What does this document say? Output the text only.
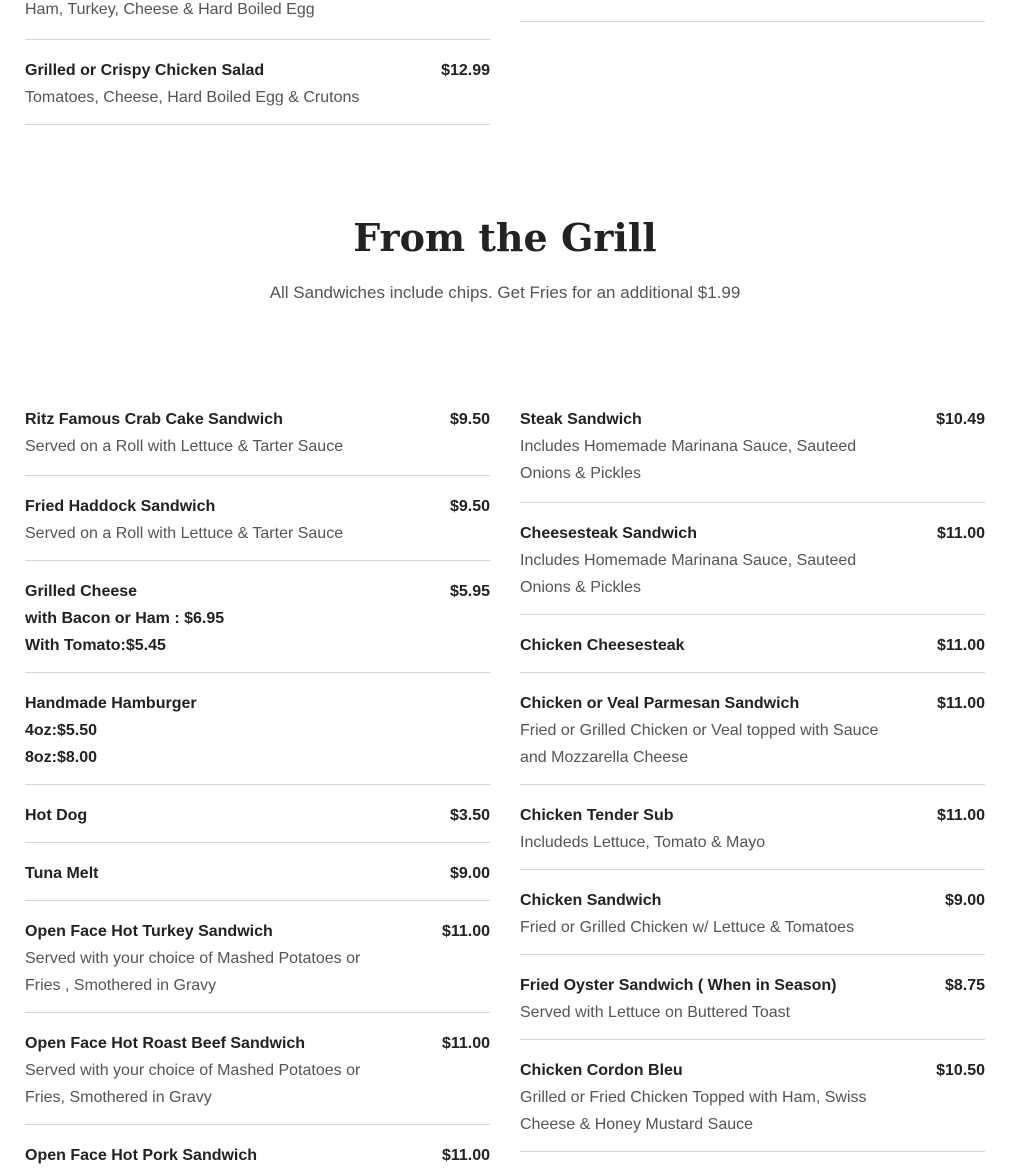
Ham, Turkey, Cheese & Hard Boiled Egg
Grilled or Crispy Chicken Salad	$12.99
Tomatoes, Cheese, Hard Boiled Egg & Crutons
From the Grill

All Sandwiches include chips. Get Fries for an additional $1.99

Ritz Famous Crab Cake Sandwich	$9.50
Served on a Roll with Lettuce & Tarter Sauce
Fried Haddock Sandwich	$9.50
Served on a Roll with Lettuce & Tarter Sauce
Grilled Cheese	$5.95
with Bacon or Ham : $6.95
With Tomato:$5.45
Handmade Hamburger
4oz:$5.50
8oz:$8.00
Hot Dog	$3.50
Tuna Melt	$9.00
Open Face Hot Turkey Sandwich	$11.00
Served with your choice of Mashed Potatoes or Fries , Smothered in Gravy
Open Face Hot Roast Beef Sandwich	$11.00
Served with your choice of Mashed Potatoes or Fries, Smothered in Gravy
Open Face Hot Pork Sandwich	$11.00
Steak Sandwich	$10.49
Includes Homemade Marinana Sauce, Sauteed Onions & Pickles
Cheesesteak Sandwich	$11.00
Includes Homemade Marinana Sauce, Sauteed Onions & Pickles
Chicken Cheesesteak	$11.00
Chicken or Veal Parmesan Sandwich	$11.00
Fried or Grilled Chicken or Veal topped with Sauce and Mozzarella Cheese
Chicken Tender Sub	$11.00
Includeds Lettuce, Tomato & Mayo
Chicken Sandwich	$9.00
Fried or Grilled Chicken w/ Lettuce & Tomatoes
Fried Oyster Sandwich ( When in Season)	$8.75
Served with Lettuce on Buttered Toast
Chicken Cordon Bleu	$10.50
Grilled or Fried Chicken Topped with Ham, Swiss Cheese & Honey Mustard Sauce
